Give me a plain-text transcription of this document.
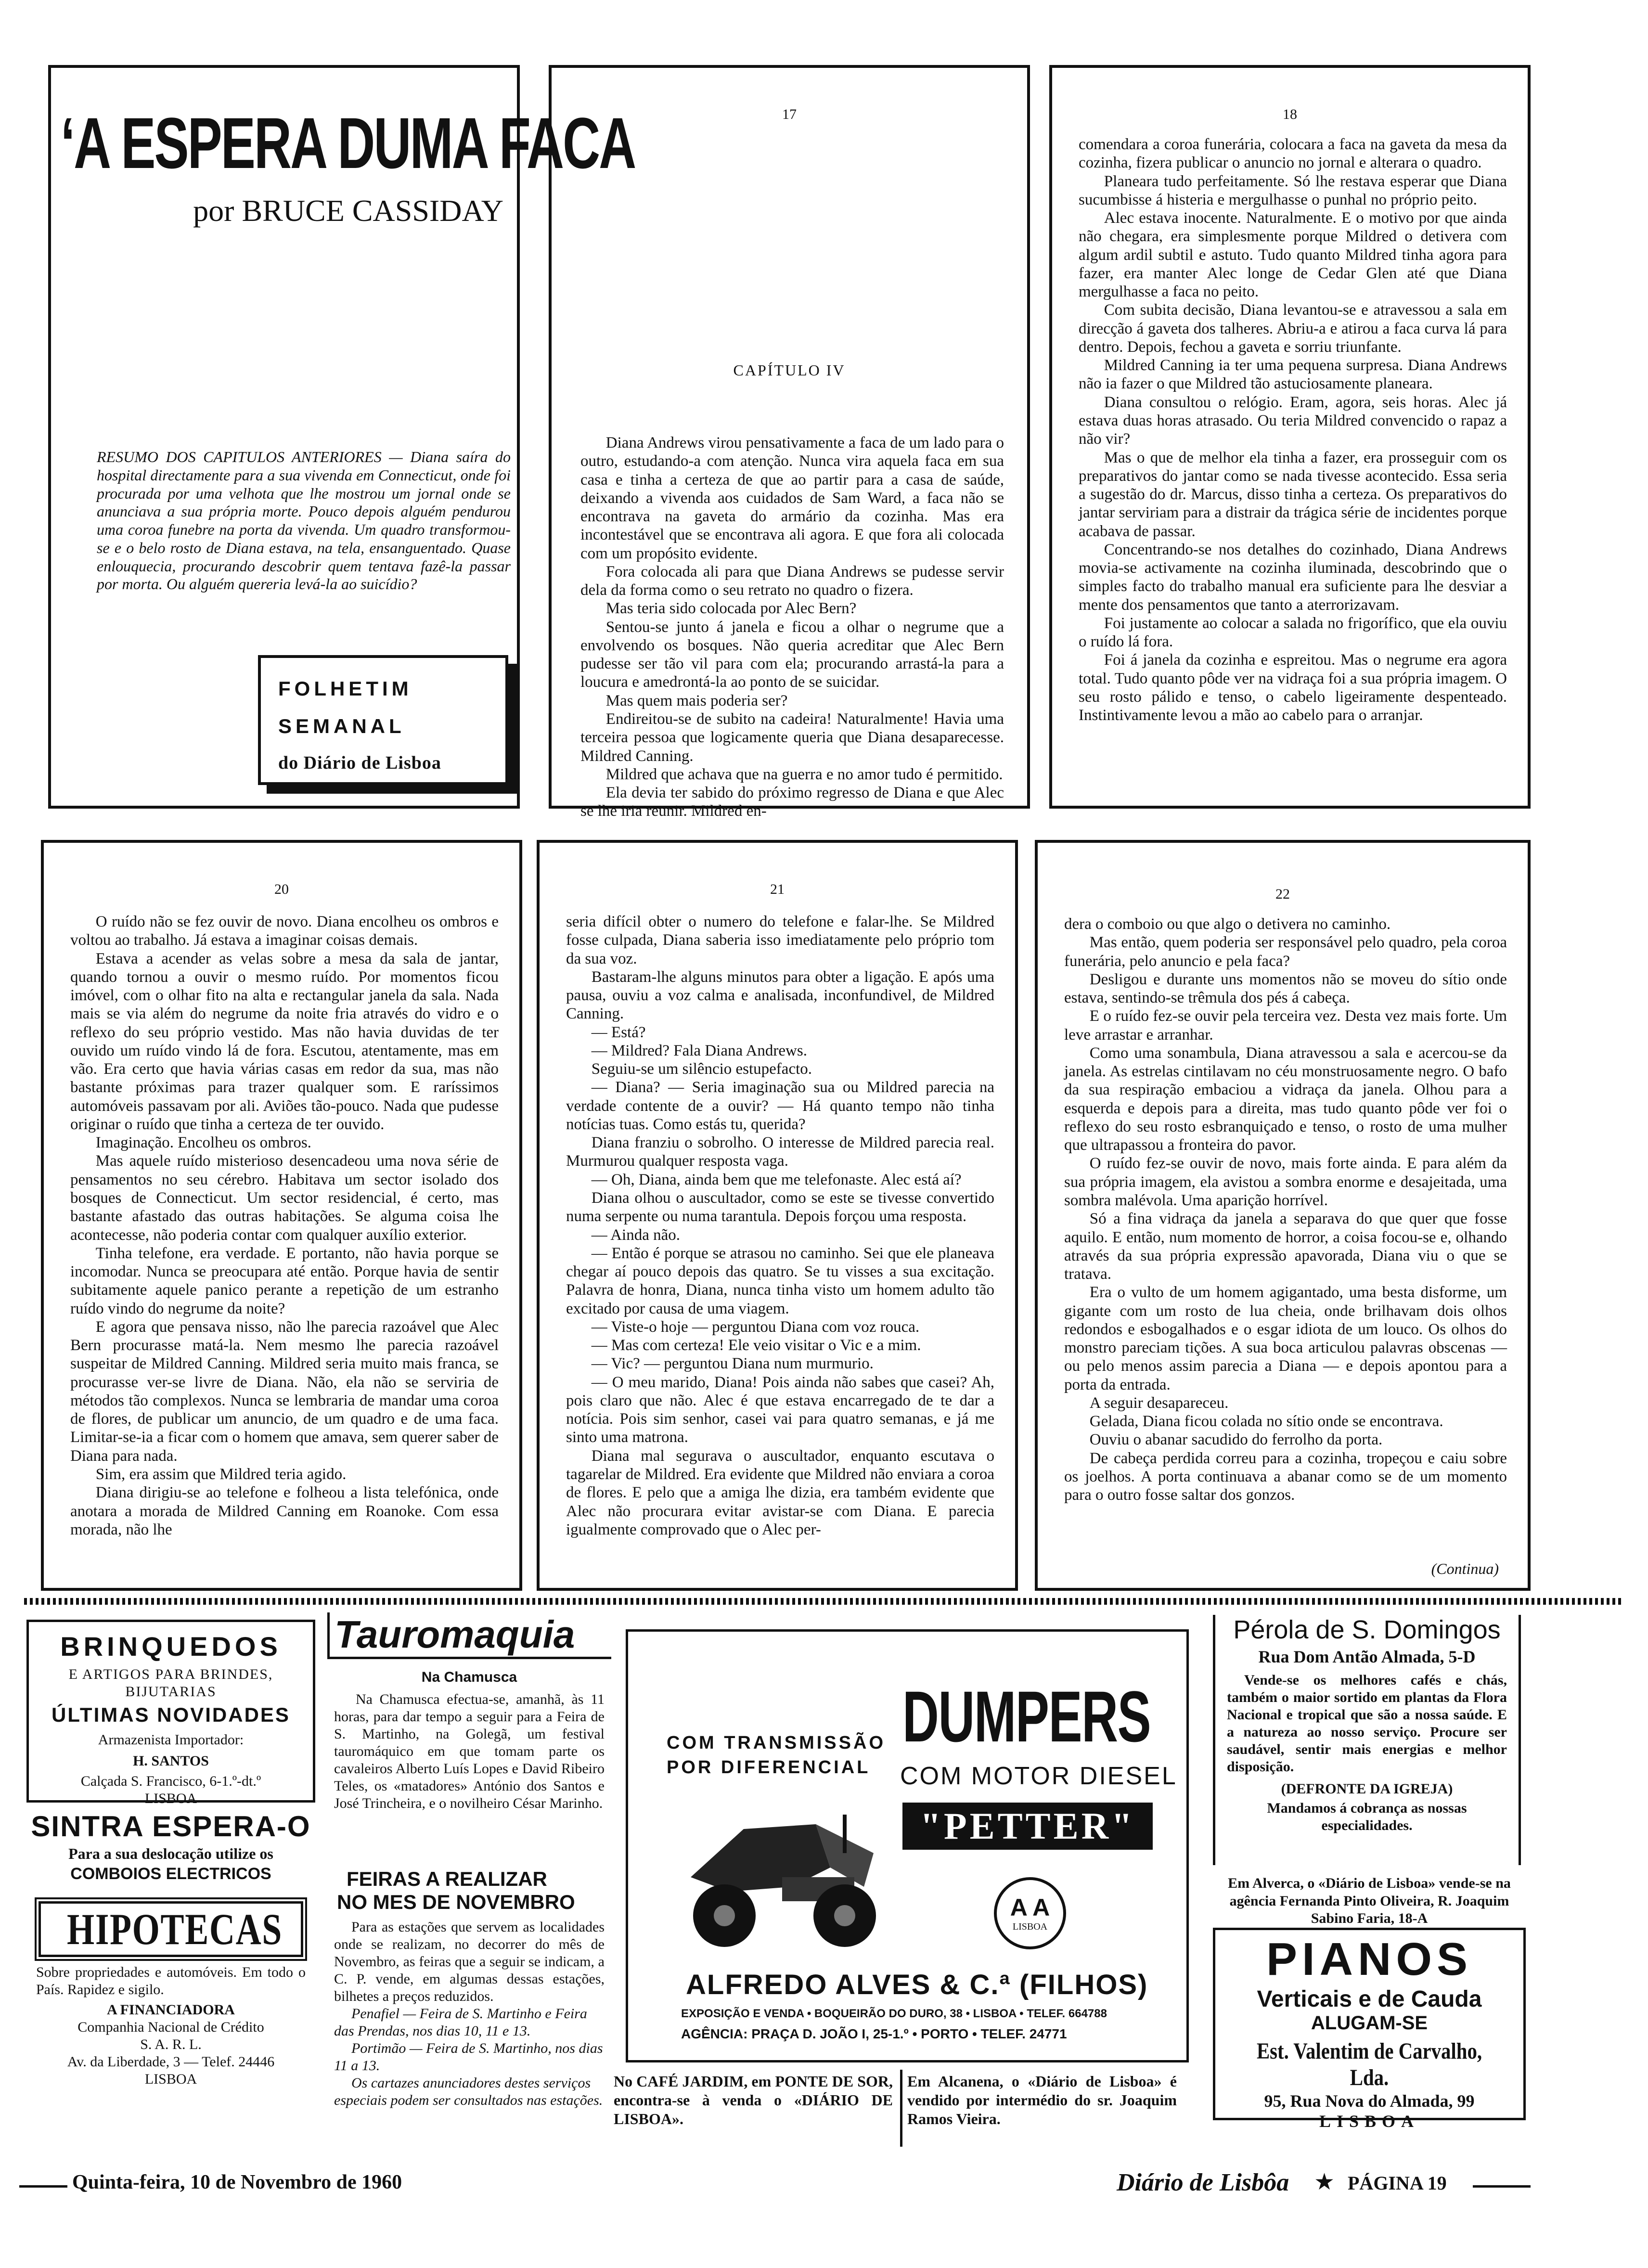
‘A ESPERA DUMA FACA
por BRUCE CASSIDAY
RESUMO DOS CAPITULOS ANTERIORES — Diana saíra do hospital directamente para a sua vivenda em Connecticut, onde foi procurada por uma velhota que lhe mostrou um jornal onde se anunciava a sua própria morte. Pouco depois alguém pendurou uma coroa funebre na porta da vivenda. Um quadro transformou-se e o belo rosto de Diana estava, na tela, ensanguentado. Quase enlouquecia, procurando descobrir quem tentava fazê-la passar por morta. Ou alguém quereria levá-la ao suicídio?
FOLHETIM
SEMANAL
do Diário de Lisboa
17
CAPÍTULO IV

Diana Andrews virou pensativamente a faca de um lado para o outro, estudando-a com atenção. Nunca vira aquela faca em sua casa e tinha a certeza de que ao partir para a casa de saúde, deixando a vivenda aos cuidados de Sam Ward, a faca não se encontrava na gaveta do armário da cozinha. Mas era incontestável que se encontrava ali agora. E que fora ali colocada com um propósito evidente.

Fora colocada ali para que Diana Andrews se pudesse servir dela da forma como o seu retrato no quadro o fizera.

Mas teria sido colocada por Alec Bern?

Sentou-se junto á janela e ficou a olhar o negrume que a envolvendo os bosques. Não queria acreditar que Alec Bern pudesse ser tão vil para com ela; procurando arrastá-la para a loucura e amedrontá-la ao ponto de se suicidar.

Mas quem mais poderia ser?

Endireitou-se de subito na cadeira! Naturalmente! Havia uma terceira pessoa que logicamente queria que Diana desaparecesse. Mildred Canning.

Mildred que achava que na guerra e no amor tudo é permitido.

Ela devia ter sabido do próximo regresso de Diana e que Alec se lhe iria reunir. Mildred en-

18

comendara a coroa funerária, colocara a faca na gaveta da mesa da cozinha, fizera publicar o anuncio no jornal e alterara o quadro.

Planeara tudo perfeitamente. Só lhe restava esperar que Diana sucumbisse á histeria e mergulhasse o punhal no próprio peito.

Alec estava inocente. Naturalmente. E o motivo por que ainda não chegara, era simplesmente porque Mildred o detivera com algum ardil subtil e astuto. Tudo quanto Mildred tinha agora para fazer, era manter Alec longe de Cedar Glen até que Diana mergulhasse a faca no peito.

Com subita decisão, Diana levantou-se e atravessou a sala em direcção á gaveta dos talheres. Abriu-a e atirou a faca curva lá para dentro. Depois, fechou a gaveta e sorriu triunfante.

Mildred Canning ia ter uma pequena surpresa. Diana Andrews não ia fazer o que Mildred tão astuciosamente planeara.

Diana consultou o relógio. Eram, agora, seis horas. Alec já estava duas horas atrasado. Ou teria Mildred convencido o rapaz a não vir?

Mas o que de melhor ela tinha a fazer, era prosseguir com os preparativos do jantar como se nada tivesse acontecido. Essa seria a sugestão do dr. Marcus, disso tinha a certeza. Os preparativos do jantar serviriam para a distrair da trágica série de incidentes porque acabava de passar.

Concentrando-se nos detalhes do cozinhado, Diana Andrews movia-se activamente na cozinha iluminada, descobrindo que o simples facto do trabalho manual era suficiente para lhe desviar a mente dos pensamentos que tanto a aterrorizavam.

Foi justamente ao colocar a salada no frigorífico, que ela ouviu o ruído lá fora.

Foi á janela da cozinha e espreitou. Mas o negrume era agora total. Tudo quanto pôde ver na vidraça foi a sua própria imagem. O seu rosto pálido e tenso, o cabelo ligeiramente despenteado. Instintivamente levou a mão ao cabelo para o arranjar.

20

O ruído não se fez ouvir de novo. Diana encolheu os ombros e voltou ao trabalho. Já estava a imaginar coisas demais.

Estava a acender as velas sobre a mesa da sala de jantar, quando tornou a ouvir o mesmo ruído. Por momentos ficou imóvel, com o olhar fito na alta e rectangular janela da sala. Nada mais se via além do negrume da noite fria através do vidro e o reflexo do seu próprio vestido. Mas não havia duvidas de ter ouvido um ruído vindo lá de fora. Escutou, atentamente, mas em vão. Era certo que havia várias casas em redor da sua, mas não bastante próximas para trazer qualquer som. E raríssimos automóveis passavam por ali. Aviões tão-pouco. Nada que pudesse originar o ruído que tinha a certeza de ter ouvido.

Imaginação. Encolheu os ombros.

Mas aquele ruído misterioso desencadeou uma nova série de pensamentos no seu cérebro. Habitava um sector isolado dos bosques de Connecticut. Um sector residencial, é certo, mas bastante afastado das outras habitações. Se alguma coisa lhe acontecesse, não poderia contar com qualquer auxílio exterior.

Tinha telefone, era verdade. E portanto, não havia porque se incomodar. Nunca se preocupara até então. Porque havia de sentir subitamente aquele panico perante a repetição de um estranho ruído vindo do negrume da noite?

E agora que pensava nisso, não lhe parecia razoável que Alec Bern procurasse matá-la. Nem mesmo lhe parecia razoável suspeitar de Mildred Canning. Mildred seria muito mais franca, se procurasse ver-se livre de Diana. Não, ela não se serviria de métodos tão complexos. Nunca se lembraria de mandar uma coroa de flores, de publicar um anuncio, de um quadro e de uma faca. Limitar-se-ia a ficar com o homem que amava, sem querer saber de Diana para nada.

Sim, era assim que Mildred teria agido.

Diana dirigiu-se ao telefone e folheou a lista telefónica, onde anotara a morada de Mildred Canning em Roanoke. Com essa morada, não lhe

21

seria difícil obter o numero do telefone e falar-lhe. Se Mildred fosse culpada, Diana saberia isso imediatamente pelo próprio tom da sua voz.

Bastaram-lhe alguns minutos para obter a ligação. E após uma pausa, ouviu a voz calma e analisada, inconfundivel, de Mildred Canning.

— Está?

— Mildred? Fala Diana Andrews.

Seguiu-se um silêncio estupefacto.

— Diana? — Seria imaginação sua ou Mildred parecia na verdade contente de a ouvir? — Há quanto tempo não tinha notícias tuas. Como estás tu, querida?

Diana franziu o sobrolho. O interesse de Mildred parecia real. Murmurou qualquer resposta vaga.

— Oh, Diana, ainda bem que me telefonaste. Alec está aí?

Diana olhou o auscultador, como se este se tivesse convertido numa serpente ou numa tarantula. Depois forçou uma resposta.

— Ainda não.

— Então é porque se atrasou no caminho. Sei que ele planeava chegar aí pouco depois das quatro. Se tu visses a sua excitação. Palavra de honra, Diana, nunca tinha visto um homem adulto tão excitado por causa de uma viagem.

— Viste-o hoje — perguntou Diana com voz rouca.

— Mas com certeza! Ele veio visitar o Vic e a mim.

— Vic? — perguntou Diana num murmurio.

— O meu marido, Diana! Pois ainda não sabes que casei? Ah, pois claro que não. Alec é que estava encarregado de te dar a notícia. Pois sim senhor, casei vai para quatro semanas, e já me sinto uma matrona.

Diana mal segurava o auscultador, enquanto escutava o tagarelar de Mildred. Era evidente que Mildred não enviara a coroa de flores. E pelo que a amiga lhe dizia, era também evidente que Alec não procurara evitar avistar-se com Diana. E parecia igualmente comprovado que o Alec per-

22

dera o comboio ou que algo o detivera no caminho.

Mas então, quem poderia ser responsável pelo quadro, pela coroa funerária, pelo anuncio e pela faca?

Desligou e durante uns momentos não se moveu do sítio onde estava, sentindo-se trêmula dos pés á cabeça.

E o ruído fez-se ouvir pela terceira vez. Desta vez mais forte. Um leve arrastar e arranhar.

Como uma sonambula, Diana atravessou a sala e acercou-se da janela. As estrelas cintilavam no céu monstruosamente negro. O bafo da sua respiração embaciou a vidraça da janela. Olhou para a esquerda e depois para a direita, mas tudo quanto pôde ver foi o reflexo do seu rosto esbranquiçado e tenso, o rosto de uma mulher que ultrapassou a fronteira do pavor.

O ruído fez-se ouvir de novo, mais forte ainda. E para além da sua própria imagem, ela avistou a sombra enorme e desajeitada, uma sombra malévola. Uma aparição horrível.

Só a fina vidraça da janela a separava do que quer que fosse aquilo. E então, num momento de horror, a coisa focou-se e, olhando através da sua própria expressão apavorada, Diana viu o que se tratava.

Era o vulto de um homem agigantado, uma besta disforme, um gigante com um rosto de lua cheia, onde brilhavam dois olhos redondos e esbogalhados e o esgar idiota de um louco. Os olhos do monstro pareciam tições. A sua boca articulou palavras obscenas — ou pelo menos assim parecia a Diana — e depois apontou para a porta da entrada.

A seguir desapareceu.

Gelada, Diana ficou colada no sítio onde se encontrava.

Ouviu o abanar sacudido do ferrolho da porta.

De cabeça perdida correu para a cozinha, tropeçou e caiu sobre os joelhos. A porta continuava a abanar como se de um momento para o outro fosse saltar dos gonzos.

(Continua)
BRINQUEDOS
E ARTIGOS PARA BRINDES,
BIJUTARIAS
ÚLTIMAS NOVIDADES
Armazenista Importador:
H. SANTOS
Calçada S. Francisco, 6-1.º-dt.º
LISBOA
SINTRA ESPERA-O
Para a sua deslocação utilize os
COMBOIOS ELECTRICOS
HIPOTECAS
Sobre propriedades e automóveis. Em todo o País. Rapidez e sigilo.
A FINANCIADORA
Companhia Nacional de Crédito
S. A. R. L.
Av. da Liberdade, 3 — Telef. 24446
LISBOA
Tauromaquia
Na Chamusca
Na Chamusca efectua-se, amanhã, às 11 horas, para dar tempo a seguir para a Feira de S. Martinho, na Golegã, um festival tauromáquico em que tomam parte os cavaleiros Alberto Luís Lopes e David Ribeiro Teles, os «matadores» António dos Santos e José Trincheira, e o novilheiro César Marinho.
FEIRAS A REALIZAR
NO MES DE NOVEMBRO
Para as estações que servem as localidades onde se realizam, no decorrer do mês de Novembro, as feiras que a seguir se indicam, a C. P. vende, em algumas dessas estações, bilhetes a preços reduzidos.
Penafiel — Feira de S. Martinho e Feira das Prendas, nos dias 10, 11 e 13.
Portimão — Feira de S. Martinho, nos dias 11 a 13.
Os cartazes anunciadores destes serviços especiais podem ser consultados nas estações.
COM TRANSMISSÃO
POR DIFERENCIAL
DUMPERS
COM MOTOR DIESEL
"PETTER"
A A
LISBOA
ALFREDO ALVES & C.ª (FILHOS)
EXPOSIÇÃO E VENDA • BOQUEIRÃO DO DURO, 38 • LISBOA • TELEF. 664788
AGÊNCIA: PRAÇA D. JOÃO I, 25-1.º • PORTO • TELEF. 24771
No CAFÉ JARDIM, em PONTE DE SOR, encontra-se à venda o «DIÁRIO DE LISBOA».
Em Alcanena, o «Diário de Lisboa» é vendido por intermédio do sr. Joaquim Ramos Vieira.
Pérola de S. Domingos
Rua Dom Antão Almada, 5-D
Vende-se os melhores cafés e chás, também o maior sortido em plantas da Flora Nacional e tropical que são a nossa saúde. E a natureza ao nosso serviço. Procure ser saudável, sentir mais energias e melhor disposição.
(DEFRONTE DA IGREJA)
Mandamos á cobrança as nossas especialidades.
Em Alverca, o «Diário de Lisboa» vende-se na agência Fernanda Pinto Oliveira, R. Joaquim Sabino Faria, 18-A
PIANOS
Verticais e de Cauda
ALUGAM-SE
Est. Valentim de Carvalho, Lda.
95, Rua Nova do Almada, 99
LISBOA
Quinta-feira, 10 de Novembro de 1960	Diário de Lisbôa ★ PÁGINA 19
